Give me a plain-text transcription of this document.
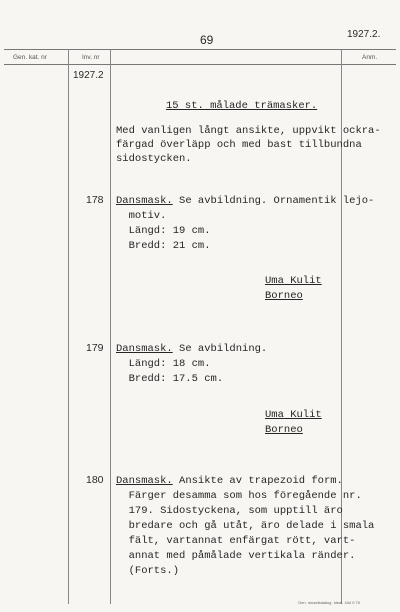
69	1927.2.
Gen. kat. nr	Inv. nr	Anm.
1927.2
15 st. målade trämasker.
Med vanligen långt ansikte, uppvikt ockra-
färgad överläpp och med bast tillbundna
sidostycken.
178 Dansmask. Se avbildning. Ornamentik lejo-
motiv.
Längd: 19 cm.
Bredd: 21 cm.
Uma Kulit
Borneo
179 Dansmask. Se avbildning.
Längd: 18 cm.
Bredd: 17.5 cm.
Uma Kulit
Borneo
180 Dansmask. Ansikte av trapezoid form.
Färger desamma som hos föregående nr.
179. Sidostyckena, som upptill äro
bredare och gå utåt, äro delade i smala
fält, vartannat enfärgat rött, vart-
annat med påmålade vertikala ränder.
(Forts.)
Gen. museikatalog. Ideal. 444 9 70
